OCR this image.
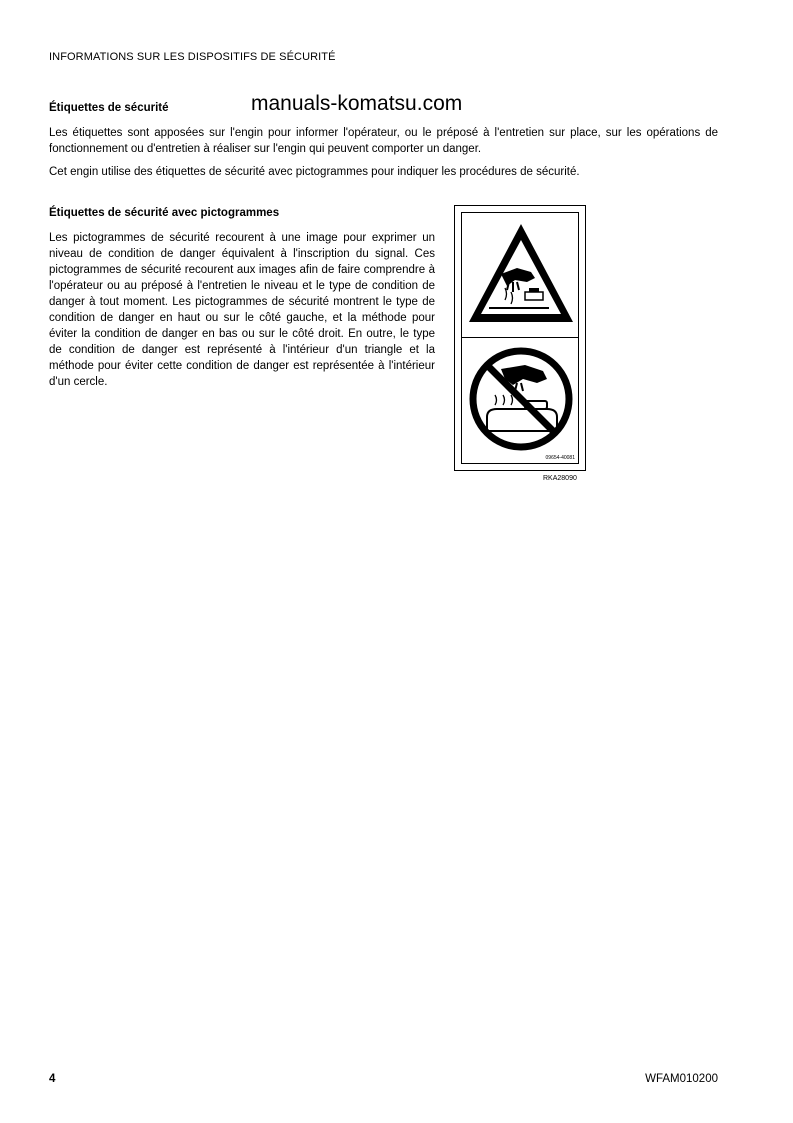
INFORMATIONS SUR LES DISPOSITIFS DE SÉCURITÉ
manuals-komatsu.com
Étiquettes de sécurité
Les étiquettes sont apposées sur l'engin pour informer l'opérateur, ou le préposé à l'entretien sur place, sur les opérations de fonctionnement ou d'entretien à réaliser sur l'engin qui peuvent comporter un danger.
Cet engin utilise des étiquettes de sécurité avec pictogrammes pour indiquer les procédures de sécurité.
Étiquettes de sécurité avec pictogrammes
Les pictogrammes de sécurité recourent à une image pour exprimer un niveau de condition de danger équivalent à l'inscription du signal. Ces pictogrammes de sécurité recourent aux images afin de faire comprendre à l'opérateur ou au préposé à l'entretien le niveau et le type de condition de danger à tout moment. Les pictogrammes de sécurité montrent le type de condition de danger en haut ou sur le côté gauche, et la méthode pour éviter la condition de danger en bas ou sur le côté droit. En outre, le type de condition de danger est représenté à l'intérieur d'un triangle et la méthode pour éviter cette condition de danger est représentée à l'intérieur d'un cercle.
09654-40081
RKA28090
4	WFAM010200
